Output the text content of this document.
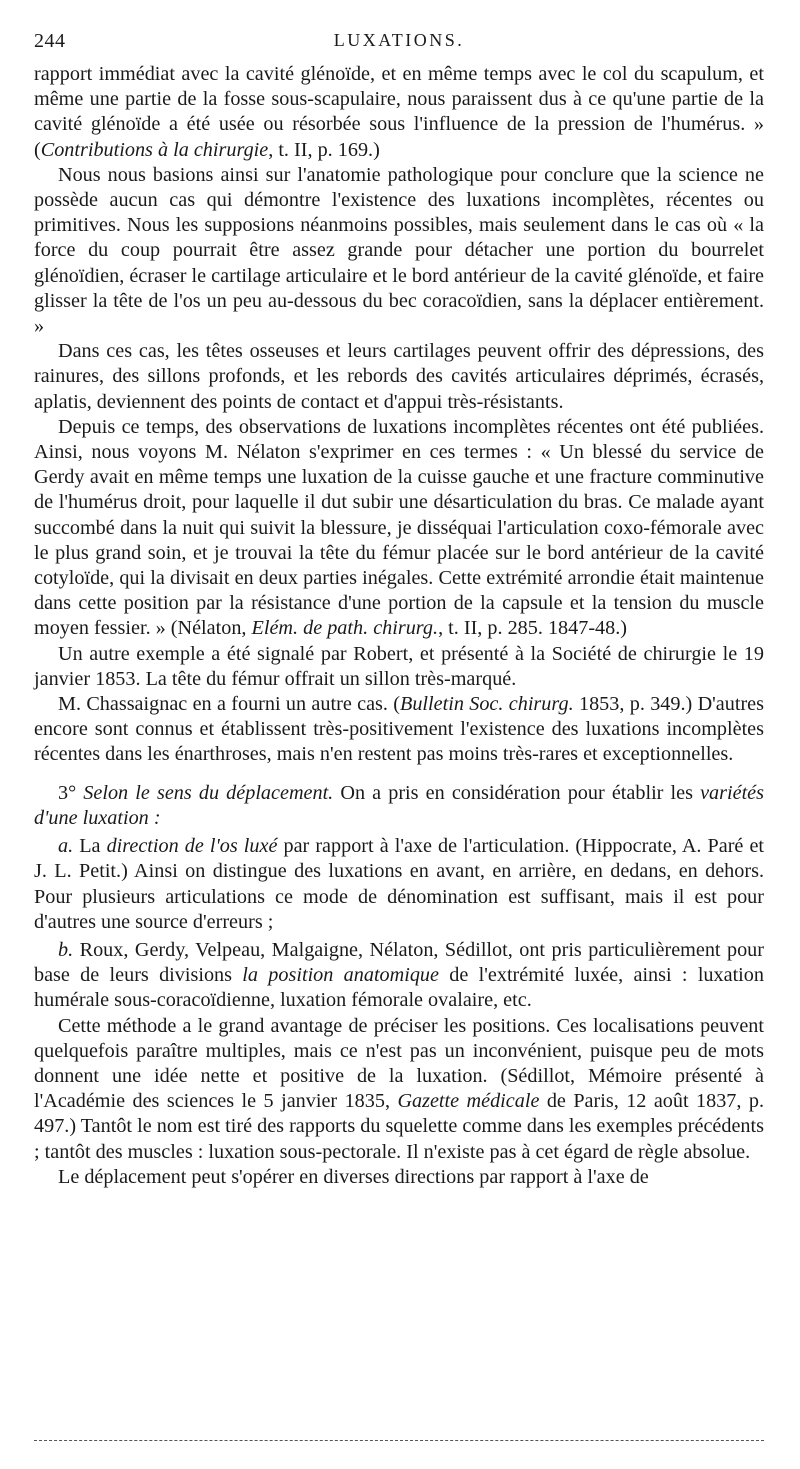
244	LUXATIONS.

rapport immédiat avec la cavité glénoïde, et en même temps avec le col du scapulum, et même une partie de la fosse sous-scapulaire, nous paraissent dus à ce qu'une partie de la cavité glénoïde a été usée ou résorbée sous l'influence de la pression de l'humérus. » (Contributions à la chirurgie, t. II, p. 169.)

Nous nous basions ainsi sur l'anatomie pathologique pour conclure que la science ne possède aucun cas qui démontre l'existence des luxations incomplètes, récentes ou primitives. Nous les supposions néanmoins possibles, mais seulement dans le cas où « la force du coup pourrait être assez grande pour détacher une portion du bourrelet glénoïdien, écraser le cartilage articulaire et le bord antérieur de la cavité glénoïde, et faire glisser la tête de l'os un peu au-dessous du bec coracoïdien, sans la déplacer entièrement. »

Dans ces cas, les têtes osseuses et leurs cartilages peuvent offrir des dépressions, des rainures, des sillons profonds, et les rebords des cavités articulaires déprimés, écrasés, aplatis, deviennent des points de contact et d'appui très-résistants.

Depuis ce temps, des observations de luxations incomplètes récentes ont été publiées. Ainsi, nous voyons M. Nélaton s'exprimer en ces termes : « Un blessé du service de Gerdy avait en même temps une luxation de la cuisse gauche et une fracture comminutive de l'humérus droit, pour laquelle il dut subir une désarticulation du bras. Ce malade ayant succombé dans la nuit qui suivit la blessure, je disséquai l'articulation coxo-fémorale avec le plus grand soin, et je trouvai la tête du fémur placée sur le bord antérieur de la cavité cotyloïde, qui la divisait en deux parties inégales. Cette extrémité arrondie était maintenue dans cette position par la résistance d'une portion de la capsule et la tension du muscle moyen fessier. » (Nélaton, Elém. de path. chirurg., t. II, p. 285. 1847-48.)

Un autre exemple a été signalé par Robert, et présenté à la Société de chirurgie le 19 janvier 1853. La tête du fémur offrait un sillon très-marqué.

M. Chassaignac en a fourni un autre cas. (Bulletin Soc. chirurg. 1853, p. 349.) D'autres encore sont connus et établissent très-positivement l'existence des luxations incomplètes récentes dans les énarthroses, mais n'en restent pas moins très-rares et exceptionnelles.

3° Selon le sens du déplacement. On a pris en considération pour établir les variétés d'une luxation :

a. La direction de l'os luxé par rapport à l'axe de l'articulation. (Hippocrate, A. Paré et J. L. Petit.) Ainsi on distingue des luxations en avant, en arrière, en dedans, en dehors. Pour plusieurs articulations ce mode de dénomination est suffisant, mais il est pour d'autres une source d'erreurs ;

b. Roux, Gerdy, Velpeau, Malgaigne, Nélaton, Sédillot, ont pris particulièrement pour base de leurs divisions la position anatomique de l'extrémité luxée, ainsi : luxation humérale sous-coracoïdienne, luxation fémorale ovalaire, etc.

Cette méthode a le grand avantage de préciser les positions. Ces localisations peuvent quelquefois paraître multiples, mais ce n'est pas un inconvénient, puisque peu de mots donnent une idée nette et positive de la luxation. (Sédillot, Mémoire présenté à l'Académie des sciences le 5 janvier 1835, Gazette médicale de Paris, 12 août 1837, p. 497.) Tantôt le nom est tiré des rapports du squelette comme dans les exemples précédents ; tantôt des muscles : luxation sous-pectorale. Il n'existe pas à cet égard de règle absolue.

Le déplacement peut s'opérer en diverses directions par rapport à l'axe de
